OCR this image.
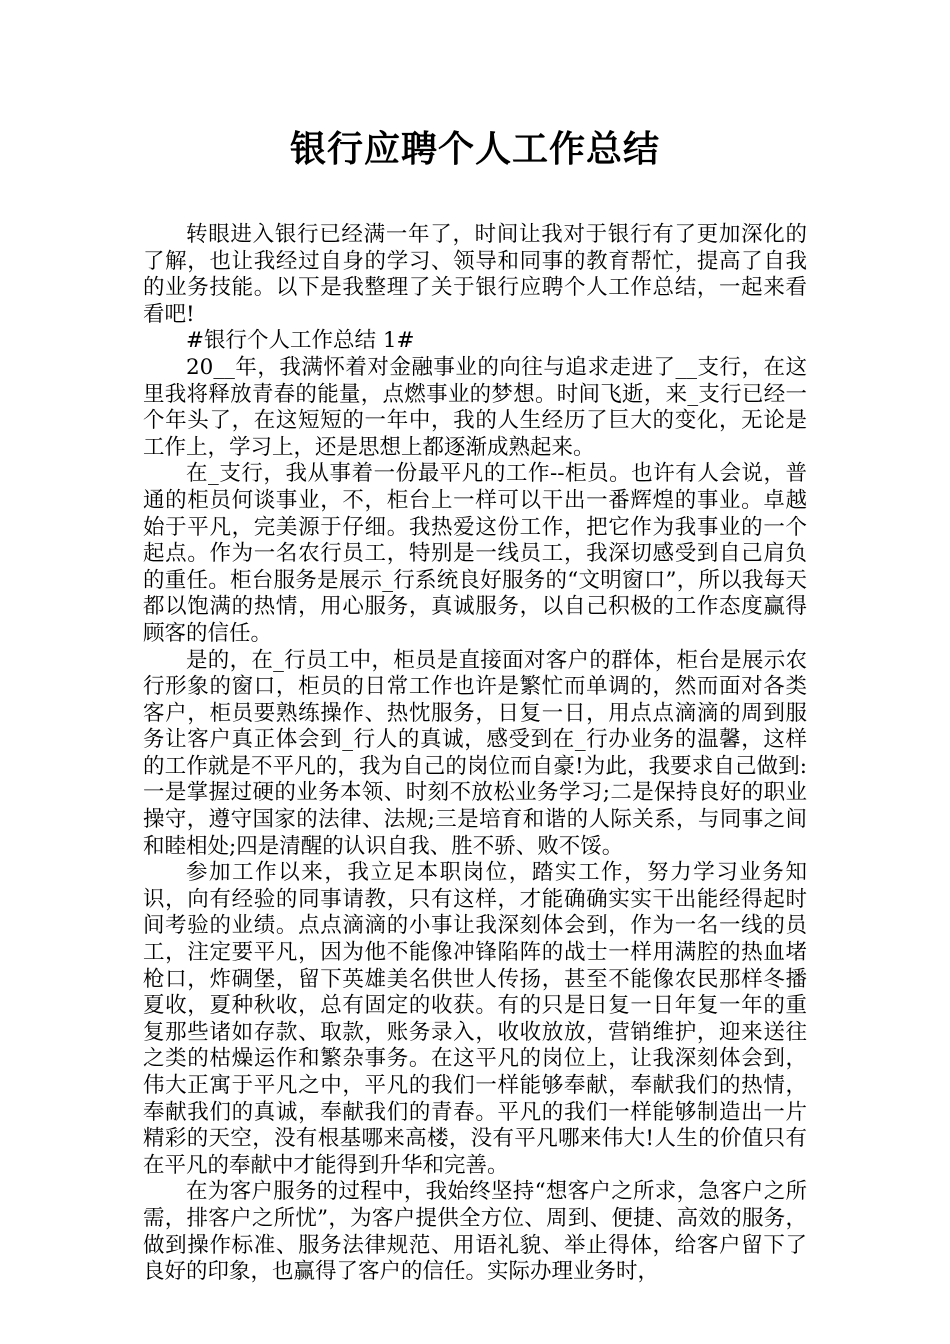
银行应聘个人工作总结

转眼进入银行已经满一年了，时间让我对于银行有了更加深化的了解，也让我经过自身的学习、领导和同事的教育帮忙，提高了自我的业务技能。以下是我整理了关于银行应聘个人工作总结，一起来看看吧!

#银行个人工作总结 1#

20__年，我满怀着对金融事业的向往与追求走进了__支行，在这里我将释放青春的能量，点燃事业的梦想。时间飞逝，来_支行已经一个年头了，在这短短的一年中，我的人生经历了巨大的变化，无论是工作上，学习上，还是思想上都逐渐成熟起来。

在_支行，我从事着一份最平凡的工作--柜员。也许有人会说，普通的柜员何谈事业，不，柜台上一样可以干出一番辉煌的事业。卓越始于平凡，完美源于仔细。我热爱这份工作，把它作为我事业的一个起点。作为一名农行员工，特别是一线员工，我深切感受到自己肩负的重任。柜台服务是展示_行系统良好服务的“文明窗口”，所以我每天都以饱满的热情，用心服务，真诚服务，以自己积极的工作态度赢得顾客的信任。

是的，在_行员工中，柜员是直接面对客户的群体，柜台是展示农行形象的窗口，柜员的日常工作也许是繁忙而单调的，然而面对各类客户，柜员要熟练操作、热忱服务，日复一日，用点点滴滴的周到服务让客户真正体会到_行人的真诚，感受到在_行办业务的温馨，这样的工作就是不平凡的，我为自己的岗位而自豪!为此，我要求自己做到:一是掌握过硬的业务本领、时刻不放松业务学习;二是保持良好的职业操守，遵守国家的法律、法规;三是培育和谐的人际关系，与同事之间和睦相处;四是清醒的认识自我、胜不骄、败不馁。

参加工作以来，我立足本职岗位，踏实工作，努力学习业务知识，向有经验的同事请教，只有这样，才能确确实实干出能经得起时间考验的业绩。点点滴滴的小事让我深刻体会到，作为一名一线的员工，注定要平凡，因为他不能像冲锋陷阵的战士一样用满腔的热血堵枪口，炸碉堡，留下英雄美名供世人传扬，甚至不能像农民那样冬播夏收，夏种秋收，总有固定的收获。有的只是日复一日年复一年的重复那些诸如存款、取款，账务录入，收收放放，营销维护，迎来送往之类的枯燥运作和繁杂事务。在这平凡的岗位上，让我深刻体会到，伟大正寓于平凡之中，平凡的我们一样能够奉献，奉献我们的热情，奉献我们的真诚，奉献我们的青春。平凡的我们一样能够制造出一片精彩的天空，没有根基哪来高楼，没有平凡哪来伟大!人生的价值只有在平凡的奉献中才能得到升华和完善。

在为客户服务的过程中，我始终坚持“想客户之所求，急客户之所需，排客户之所忧”，为客户提供全方位、周到、便捷、高效的服务，做到操作标准、服务法律规范、用语礼貌、举止得体，给客户留下了良好的印象，也赢得了客户的信任。实际办理业务时，
